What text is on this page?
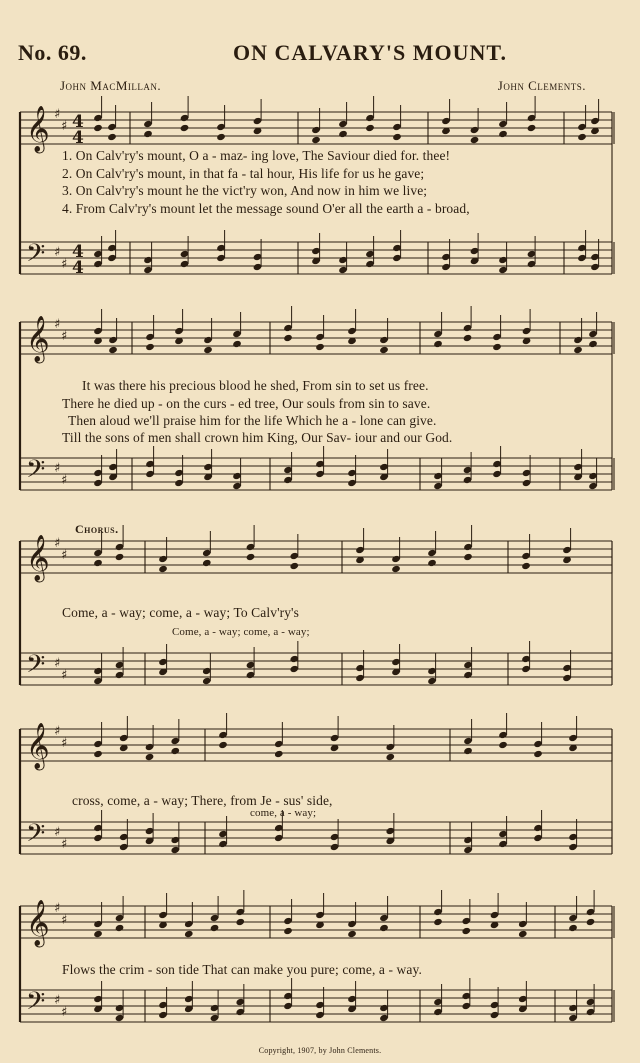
No. 69.	ON CALVARY'S MOUNT.
John MacMillan.	John Clements.
𝄞 ♯
♯ 4
4
𝄢 ♯
♯
4
4
𝄞 ♯
♯
𝄢 ♯
♯
𝄞 ♯
♯
𝄢 ♯
♯
𝄞 ♯
♯
𝄢 ♯
♯
𝄞 ♯
♯
𝄢 ♯
♯
1. On Calv'ry's mount, O a - maz- ing love, The Saviour died for. thee!
2. On Calv'ry's mount, in that fa - tal hour, His life for us he gave;
3. On Calv'ry's mount he the vict'ry won, And now in him we live;
4. From Calv'ry's mount let the message sound O'er all the earth a - broad,
It was there his precious blood he shed, From sin to set us free.
There he died up - on the curs - ed tree, Our souls from sin to save.
Then aloud we'll praise him for the life Which he a - lone can give.
Till the sons of men shall crown him King, Our Sav- iour and our God.
Chorus.
Come, a - way; come, a - way; To Calv'ry's
Come, a - way; come, a - way;
cross, come, a - way; There, from Je - sus' side,
come, a - way;
Flows the crim - son tide That can make you pure; come, a - way.
Copyright, 1907, by John Clements.
